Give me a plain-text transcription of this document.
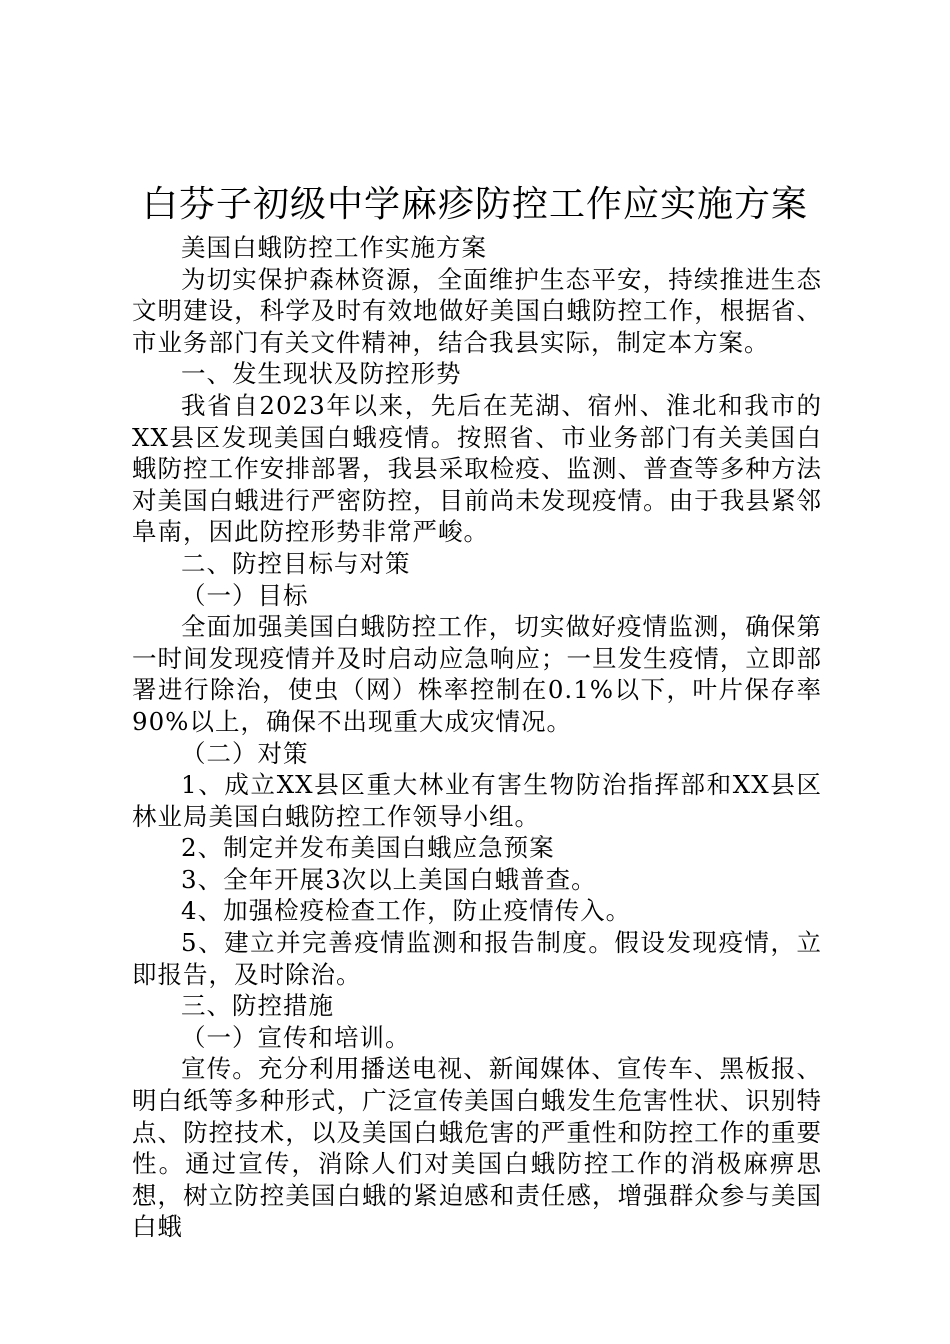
白芬子初级中学麻疹防控工作应实施方案

美国白蛾防控工作实施方案

为切实保护森林资源，全面维护生态平安，持续推进生态文明建设，科学及时有效地做好美国白蛾防控工作，根据省、市业务部门有关文件精神，结合我县实际，制定本方案。

一、发生现状及防控形势

我省自2023年以来，先后在芜湖、宿州、淮北和我市的XX县区发现美国白蛾疫情。按照省、市业务部门有关美国白蛾防控工作安排部署，我县采取检疫、监测、普查等多种方法对美国白蛾进行严密防控，目前尚未发现疫情。由于我县紧邻阜南，因此防控形势非常严峻。

二、防控目标与对策

（一）目标

全面加强美国白蛾防控工作，切实做好疫情监测，确保第一时间发现疫情并及时启动应急响应；一旦发生疫情，立即部署进行除治，使虫（网）株率控制在0.1%以下，叶片保存率90%以上，确保不出现重大成灾情况。

（二）对策

1、成立XX县区重大林业有害生物防治指挥部和XX县区林业局美国白蛾防控工作领导小组。

2、制定并发布美国白蛾应急预案

3、全年开展3次以上美国白蛾普查。

4、加强检疫检查工作，防止疫情传入。

5、建立并完善疫情监测和报告制度。假设发现疫情，立即报告，及时除治。

三、防控措施

（一）宣传和培训。

宣传。充分利用播送电视、新闻媒体、宣传车、黑板报、明白纸等多种形式，广泛宣传美国白蛾发生危害性状、识别特点、防控技术，以及美国白蛾危害的严重性和防控工作的重要性。通过宣传，消除人们对美国白蛾防控工作的消极麻痹思想，树立防控美国白蛾的紧迫感和责任感，增强群众参与美国白蛾
